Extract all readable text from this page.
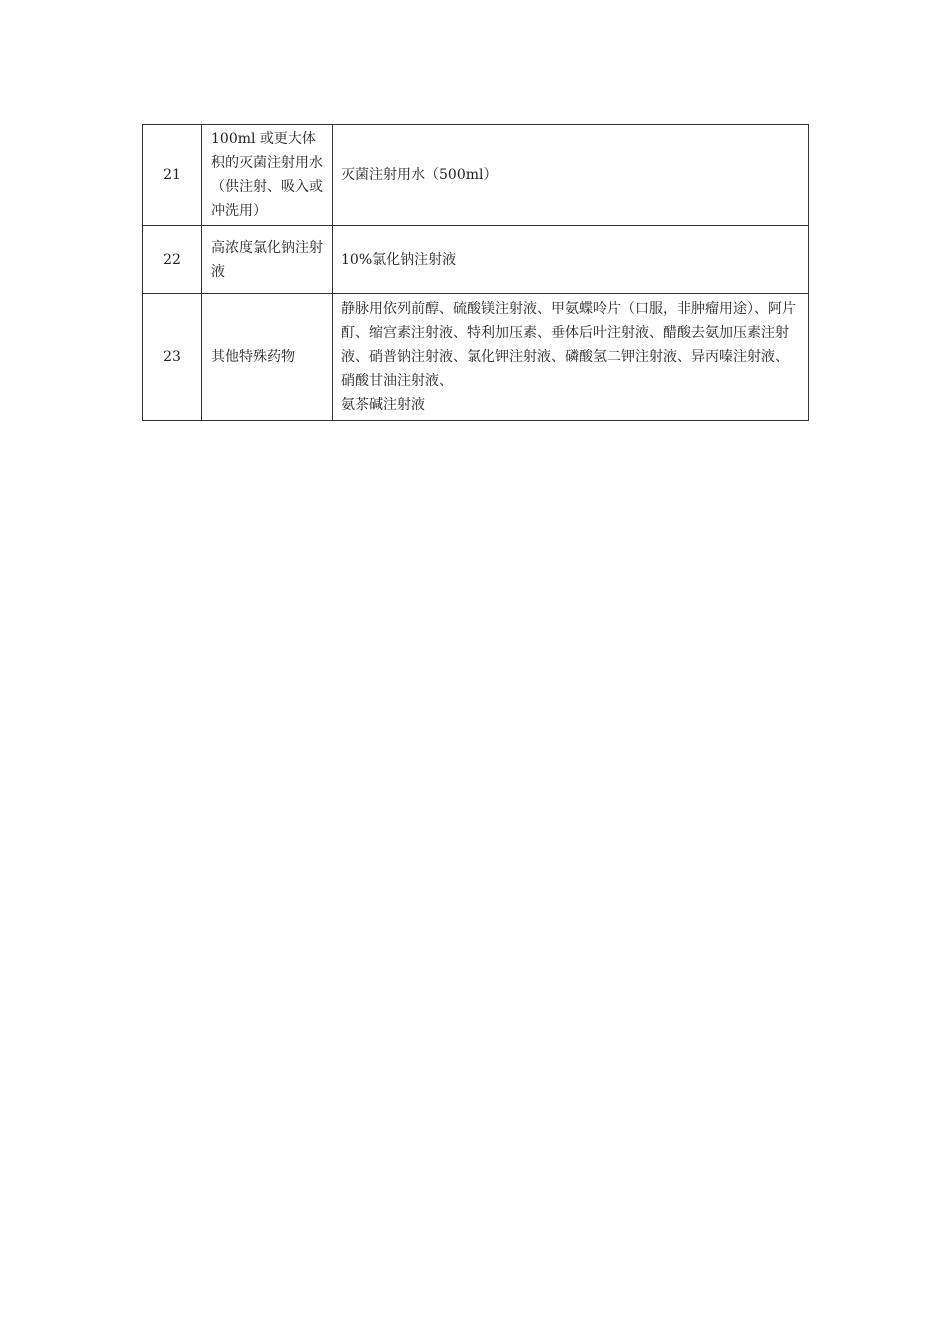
21	100ml 或更大体积的灭菌注射用水（供注射、吸入或冲洗用）	灭菌注射用水（500ml）
22	高浓度氯化钠注射液	10%氯化钠注射液
23	其他特殊药物	静脉用依列前醇、硫酸镁注射液、甲氨蝶呤片（口服，非肿瘤用途）、阿片酊、缩宫素注射液、特利加压素、垂体后叶注射液、醋酸去氨加压素注射液、硝普钠注射液、氯化钾注射液、磷酸氢二钾注射液、异丙嗪注射液、硝酸甘油注射液、
氨茶碱注射液
